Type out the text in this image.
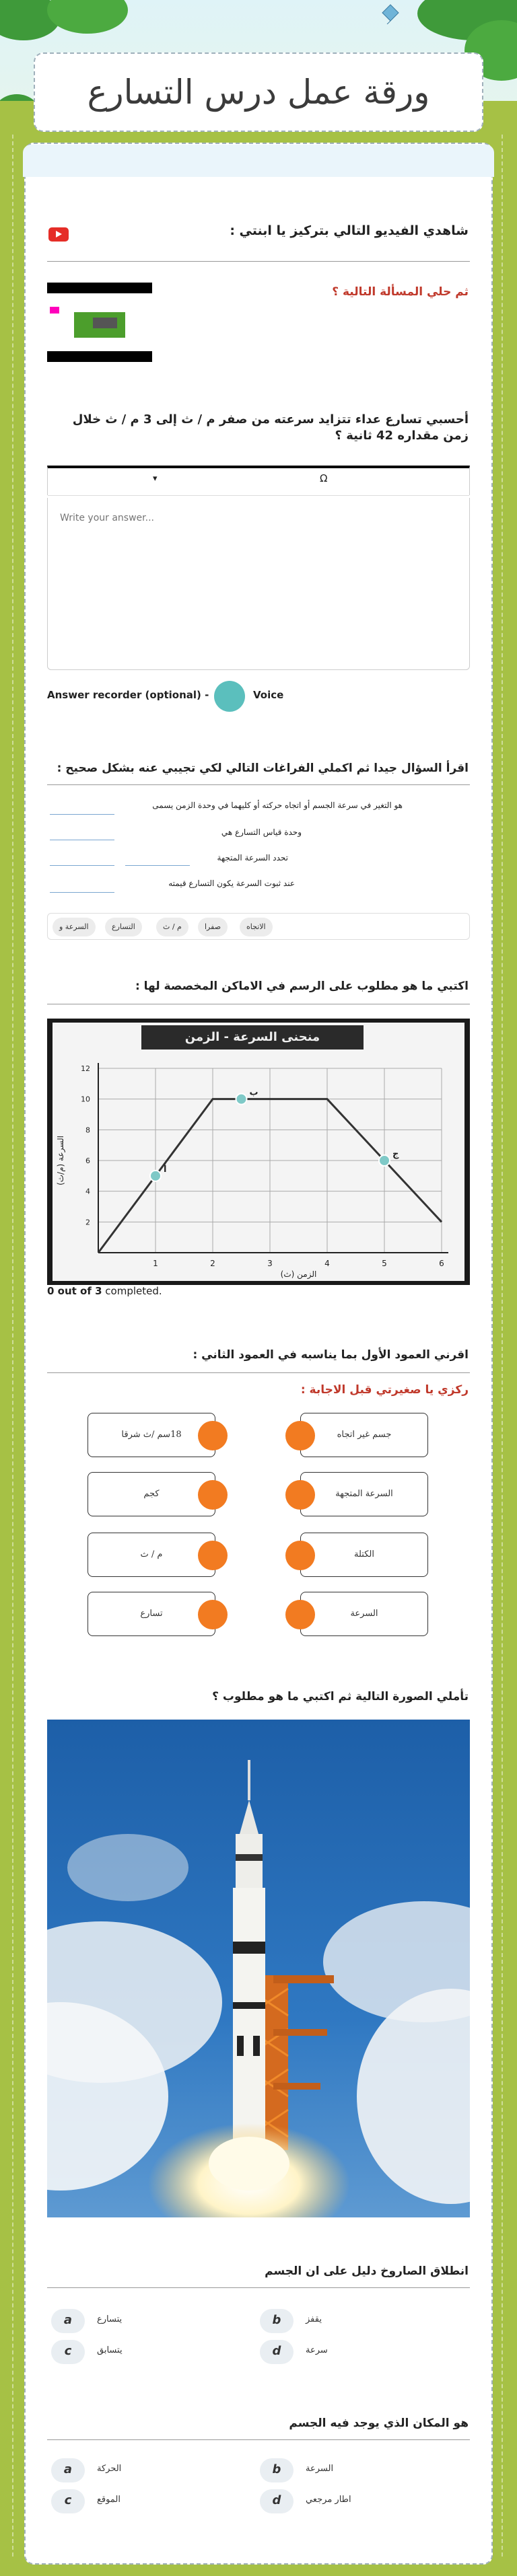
ورقة عمل درس التسارع
شاهدي الفيديو التالي بتركيز يا ابنتي :
ثم حلي المسألة التالية ؟
أحسبي تسارع عداء تتزايد سرعته من صفر م / ث إلى 3 م / ث خلال زمن مقداره 42 ثانية ؟
▾	Ω
Write your answer...
Answer recorder (optional) -	Voice
اقرأ السؤال جيدا ثم اكملي الفراغات التالي لكي تجيبي عنه بشكل صحيح :
هو التغير في سرعة الجسم أو اتجاه حركته أو كليهما في وحدة الزمن يسمى
وحدة قياس التسارع هي
تحدد السرعة المتجهة
عند ثبوت السرعة يكون التسارع قيمته
الاتجاه
صفرا
م / ث
التسارع
السرعة و
اكتبي ما هو مطلوب على الرسم في الاماكن المخصصة لها :
منحنى السرعة - الزمن
1	2	3	4	5	6
2
4
6
8
10
12
أ
ب
ج
الزمن (ث)
السرعة (م/ث)
0 out of 3 completed.
اقرني العمود الأول بما يناسبه في العمود الثاني :
ركزي يا صغيرتي قبل الاجابة :
18سم /ث شرقا
كجم
م / ث
تسارع
جسم غير اتجاه
السرعة المتجهة
الكتلة
السرعة
تأملي الصورة التالية ثم اكتبي ما هو مطلوب ؟
انطلاق الصاروخ دليل على ان الجسم
a	يتسارع	b	يقفز
c	يتسابق	d	سرعة
هو المكان الذي يوجد فيه الجسم
a	الحركة	b	السرعة
c	الموقع	d	اطار مرجعي
